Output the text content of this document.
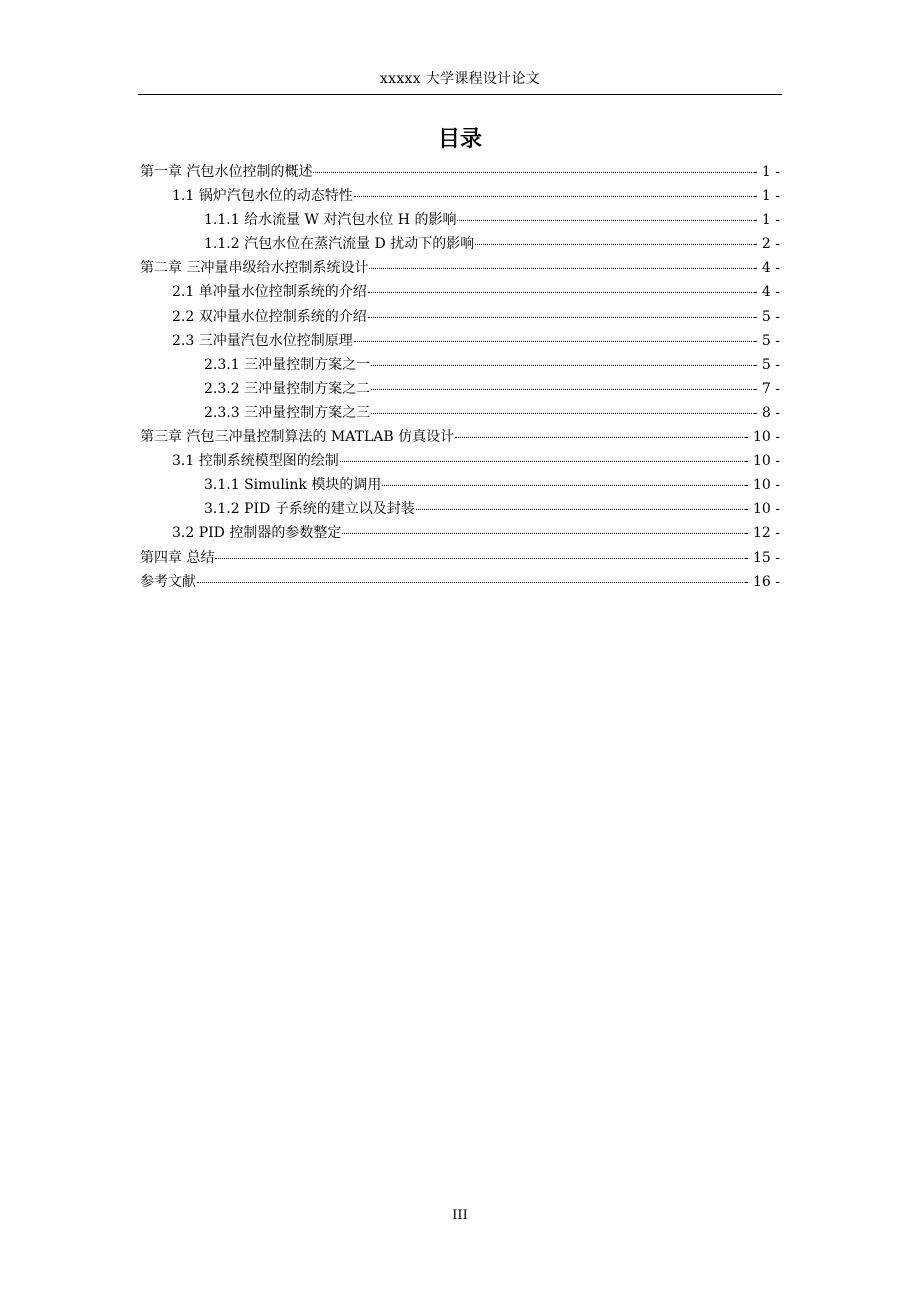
xxxxx 大学课程设计论文
目录
第一章 汽包水位控制的概述	- 1 -
1.1 锅炉汽包水位的动态特性	- 1 -
1.1.1 给水流量 W 对汽包水位 H 的影响	- 1 -
1.1.2 汽包水位在蒸汽流量 D 扰动下的影响	- 2 -
第二章 三冲量串级给水控制系统设计	- 4 -
2.1 单冲量水位控制系统的介绍	- 4 -
2.2 双冲量水位控制系统的介绍	- 5 -
2.3 三冲量汽包水位控制原理	- 5 -
2.3.1 三冲量控制方案之一	- 5 -
2.3.2 三冲量控制方案之二	- 7 -
2.3.3 三冲量控制方案之三	- 8 -
第三章 汽包三冲量控制算法的 MATLAB 仿真设计	- 10 -
3.1 控制系统模型图的绘制	- 10 -
3.1.1 Simulink 模块的调用	- 10 -
3.1.2 PID 子系统的建立以及封装	- 10 -
3.2 PID 控制器的参数整定	- 12 -
第四章 总结	- 15 -
参考文献	- 16 -
III
